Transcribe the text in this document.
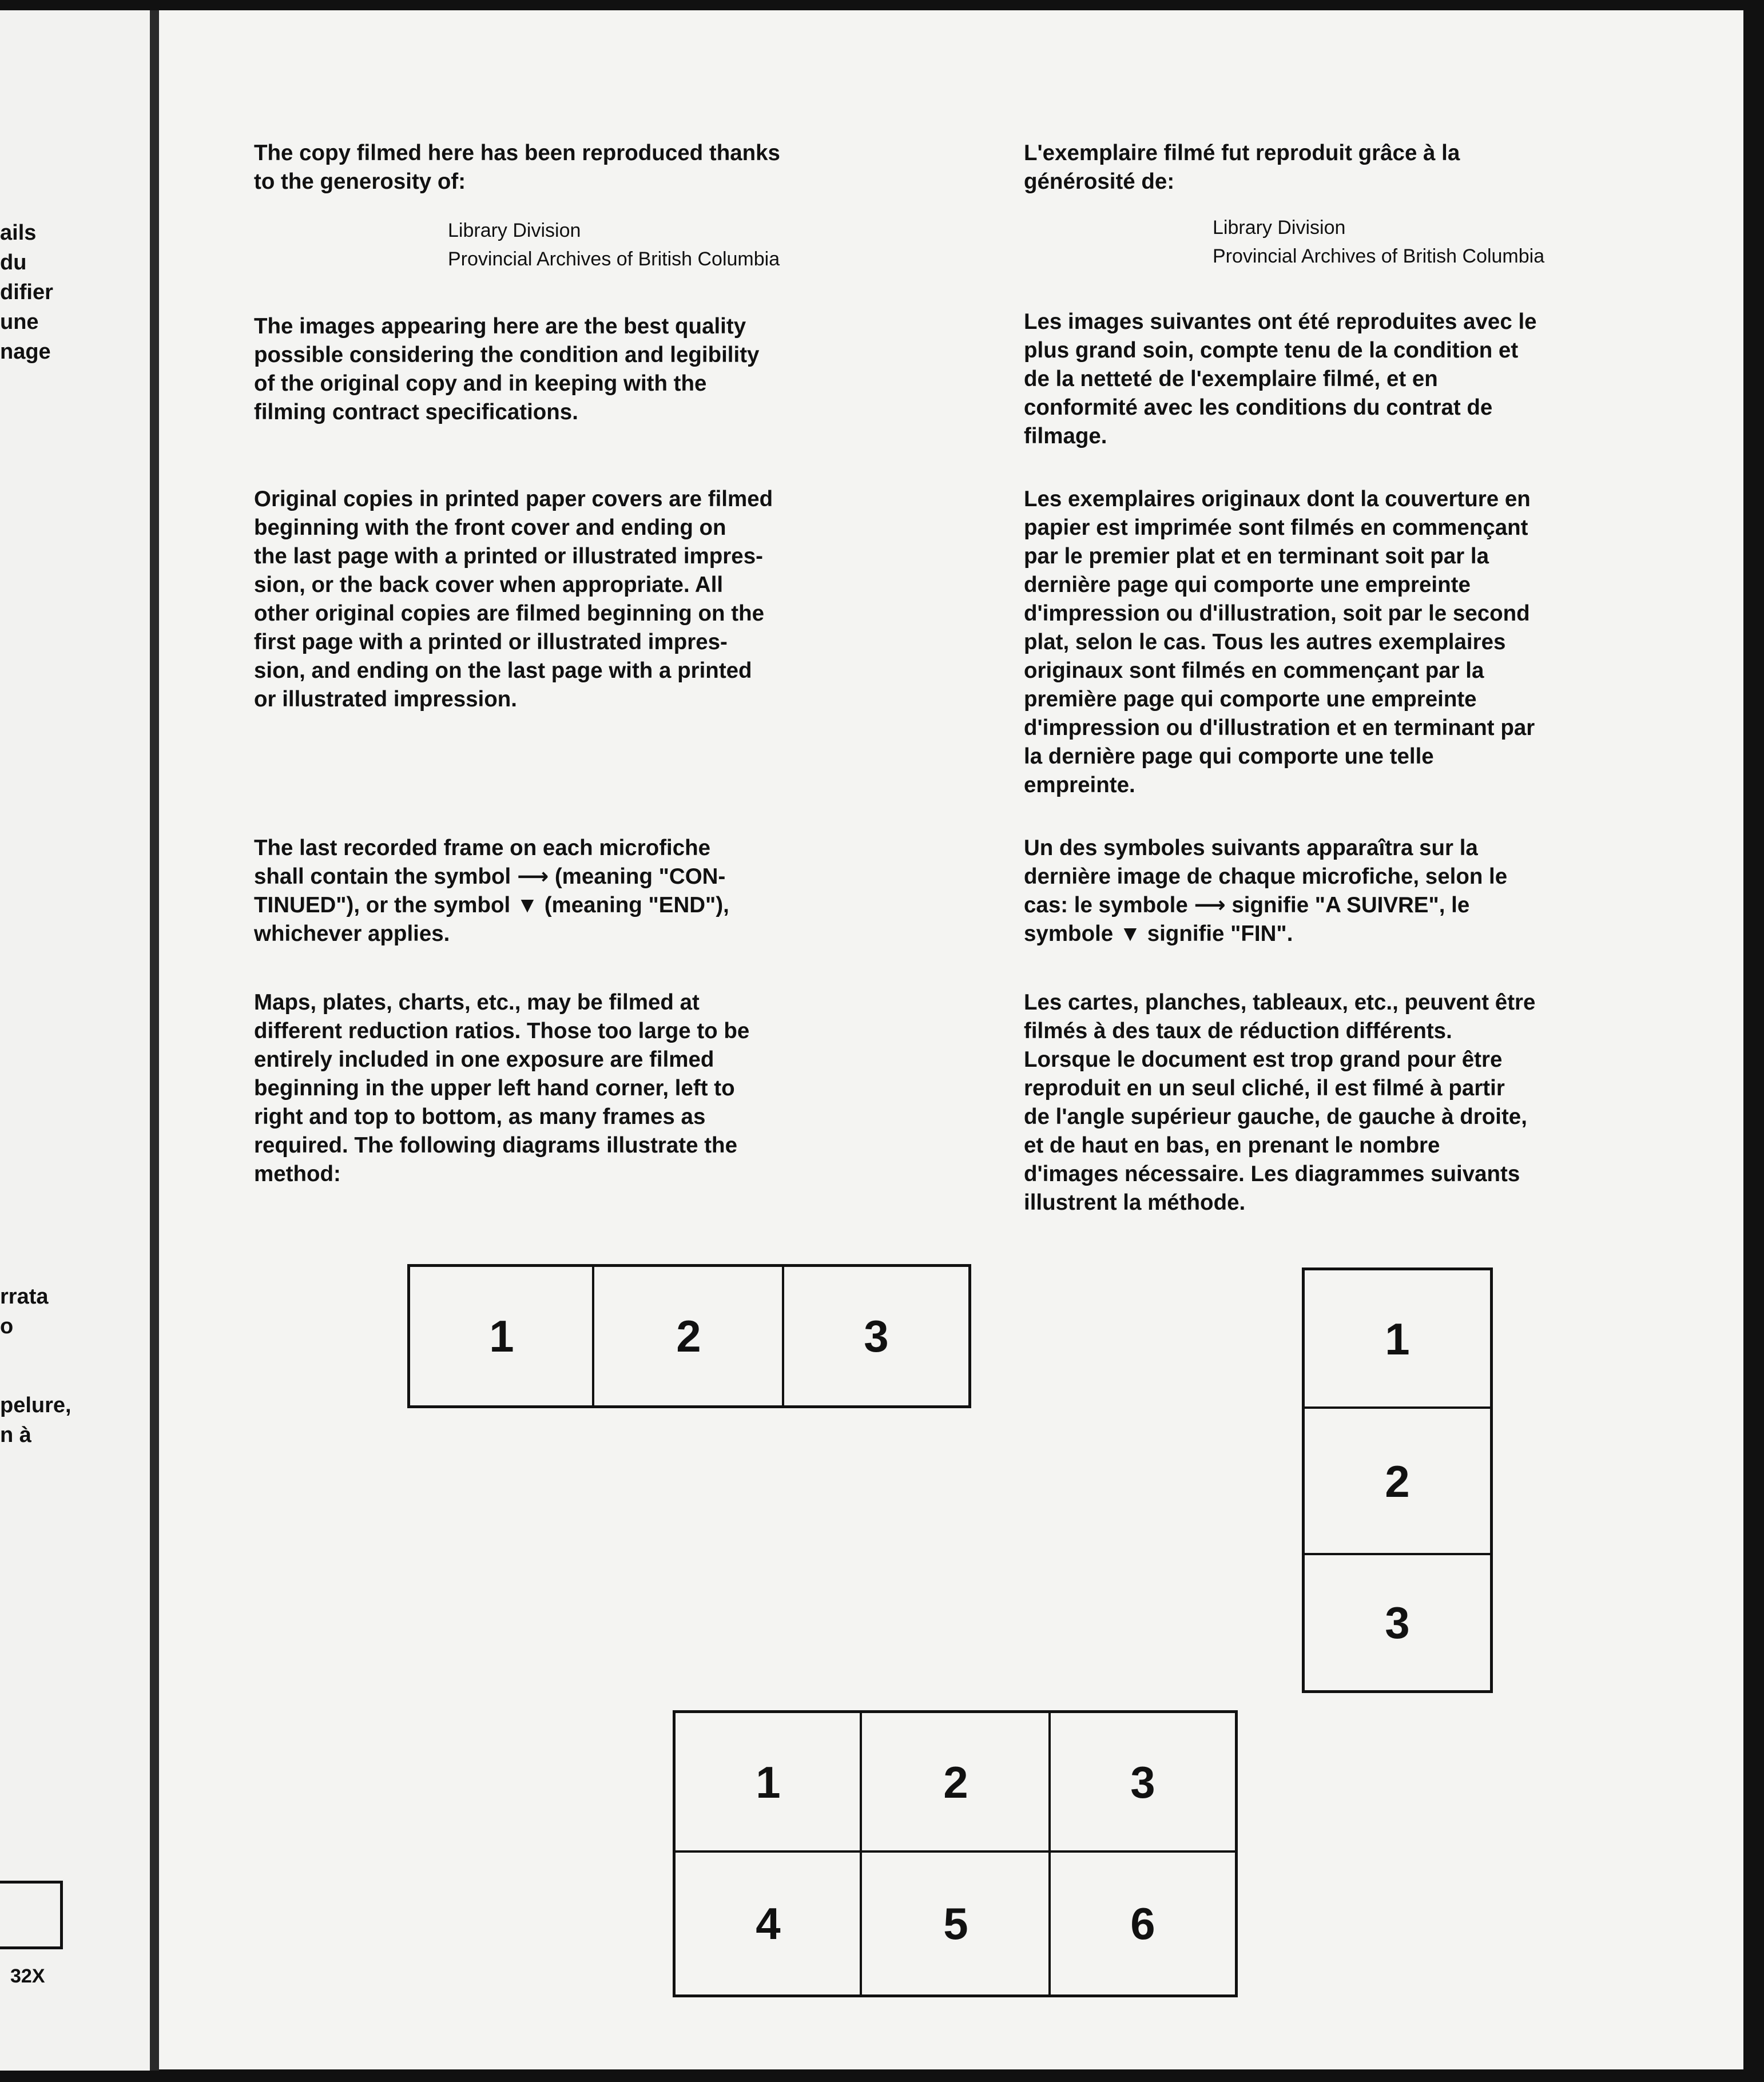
ails
du
difier
une
nage
rrata
o
pelure,
n à
32X
The copy filmed here has been reproduced thanks
to the generosity of:
Library Division
Provincial Archives of British Columbia
The images appearing here are the best quality
possible considering the condition and legibility
of the original copy and in keeping with the
filming contract specifications.
Original copies in printed paper covers are filmed
beginning with the front cover and ending on
the last page with a printed or illustrated impres-
sion, or the back cover when appropriate. All
other original copies are filmed beginning on the
first page with a printed or illustrated impres-
sion, and ending on the last page with a printed
or illustrated impression.
The last recorded frame on each microfiche
shall contain the symbol ⟶ (meaning "CON-
TINUED"), or the symbol ▼ (meaning "END"),
whichever applies.
Maps, plates, charts, etc., may be filmed at
different reduction ratios. Those too large to be
entirely included in one exposure are filmed
beginning in the upper left hand corner, left to
right and top to bottom, as many frames as
required. The following diagrams illustrate the
method:
L'exemplaire filmé fut reproduit grâce à la
générosité de:
Library Division
Provincial Archives of British Columbia
Les images suivantes ont été reproduites avec le
plus grand soin, compte tenu de la condition et
de la netteté de l'exemplaire filmé, et en
conformité avec les conditions du contrat de
filmage.
Les exemplaires originaux dont la couverture en
papier est imprimée sont filmés en commençant
par le premier plat et en terminant soit par la
dernière page qui comporte une empreinte
d'impression ou d'illustration, soit par le second
plat, selon le cas. Tous les autres exemplaires
originaux sont filmés en commençant par la
première page qui comporte une empreinte
d'impression ou d'illustration et en terminant par
la dernière page qui comporte une telle
empreinte.
Un des symboles suivants apparaîtra sur la
dernière image de chaque microfiche, selon le
cas: le symbole ⟶ signifie "A SUIVRE", le
symbole ▼ signifie "FIN".
Les cartes, planches, tableaux, etc., peuvent être
filmés à des taux de réduction différents.
Lorsque le document est trop grand pour être
reproduit en un seul cliché, il est filmé à partir
de l'angle supérieur gauche, de gauche à droite,
et de haut en bas, en prenant le nombre
d'images nécessaire. Les diagrammes suivants
illustrent la méthode.
1	2	3	1
2
3
1	2	3
4	5	6
